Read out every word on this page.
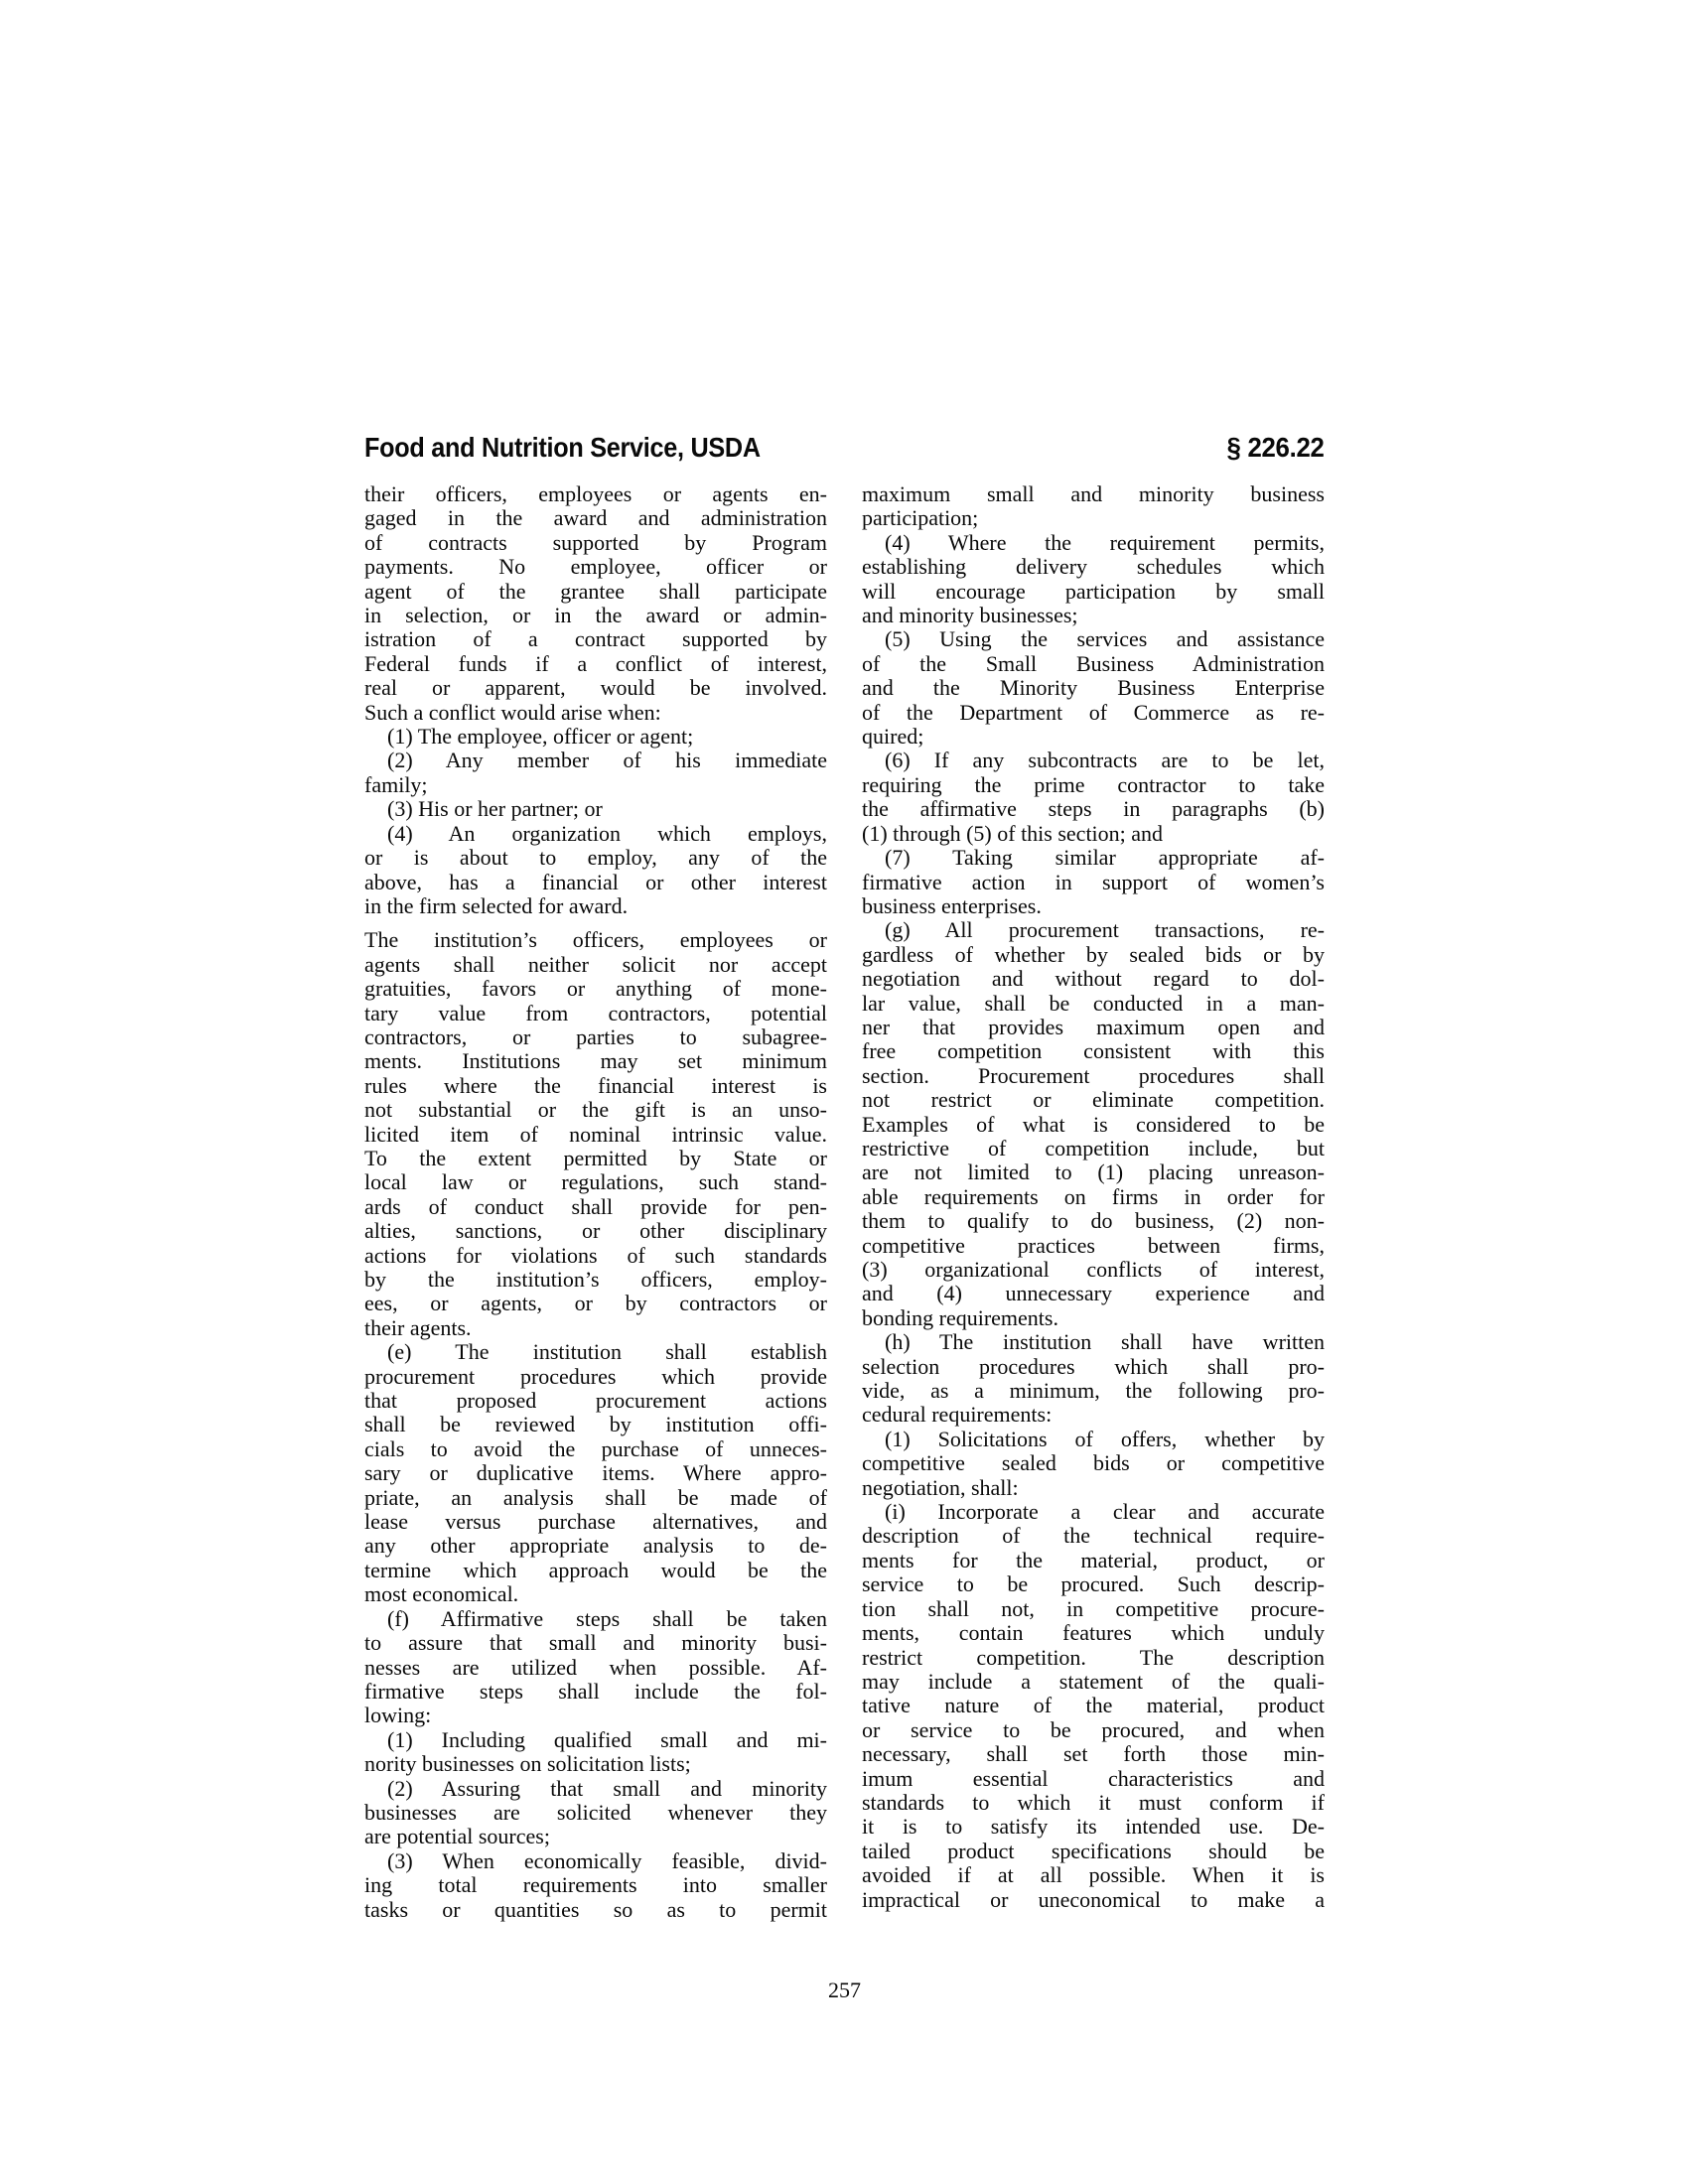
Food and Nutrition Service, USDA	§ 226.22
their officers, employees or agents en-
gaged in the award and administration
of contracts supported by Program
payments. No employee, officer or
agent of the grantee shall participate
in selection, or in the award or admin-
istration of a contract supported by
Federal funds if a conflict of interest,
real or apparent, would be involved.
Such a conflict would arise when:
(1) The employee, officer or agent;
(2) Any member of his immediate
family;
(3) His or her partner; or
(4) An organization which employs,
or is about to employ, any of the
above, has a financial or other interest
in the firm selected for award.
The institution’s officers, employees or
agents shall neither solicit nor accept
gratuities, favors or anything of mone-
tary value from contractors, potential
contractors, or parties to subagree-
ments. Institutions may set minimum
rules where the financial interest is
not substantial or the gift is an unso-
licited item of nominal intrinsic value.
To the extent permitted by State or
local law or regulations, such stand-
ards of conduct shall provide for pen-
alties, sanctions, or other disciplinary
actions for violations of such standards
by the institution’s officers, employ-
ees, or agents, or by contractors or
their agents.
(e) The institution shall establish
procurement procedures which provide
that proposed procurement actions
shall be reviewed by institution offi-
cials to avoid the purchase of unneces-
sary or duplicative items. Where appro-
priate, an analysis shall be made of
lease versus purchase alternatives, and
any other appropriate analysis to de-
termine which approach would be the
most economical.
(f) Affirmative steps shall be taken
to assure that small and minority busi-
nesses are utilized when possible. Af-
firmative steps shall include the fol-
lowing:
(1) Including qualified small and mi-
nority businesses on solicitation lists;
(2) Assuring that small and minority
businesses are solicited whenever they
are potential sources;
(3) When economically feasible, divid-
ing total requirements into smaller
tasks or quantities so as to permit
maximum small and minority business
participation;
(4) Where the requirement permits,
establishing delivery schedules which
will encourage participation by small
and minority businesses;
(5) Using the services and assistance
of the Small Business Administration
and the Minority Business Enterprise
of the Department of Commerce as re-
quired;
(6) If any subcontracts are to be let,
requiring the prime contractor to take
the affirmative steps in paragraphs (b)
(1) through (5) of this section; and
(7) Taking similar appropriate af-
firmative action in support of women’s
business enterprises.
(g) All procurement transactions, re-
gardless of whether by sealed bids or by
negotiation and without regard to dol-
lar value, shall be conducted in a man-
ner that provides maximum open and
free competition consistent with this
section. Procurement procedures shall
not restrict or eliminate competition.
Examples of what is considered to be
restrictive of competition include, but
are not limited to (1) placing unreason-
able requirements on firms in order for
them to qualify to do business, (2) non-
competitive practices between firms,
(3) organizational conflicts of interest,
and (4) unnecessary experience and
bonding requirements.
(h) The institution shall have written
selection procedures which shall pro-
vide, as a minimum, the following pro-
cedural requirements:
(1) Solicitations of offers, whether by
competitive sealed bids or competitive
negotiation, shall:
(i) Incorporate a clear and accurate
description of the technical require-
ments for the material, product, or
service to be procured. Such descrip-
tion shall not, in competitive procure-
ments, contain features which unduly
restrict competition. The description
may include a statement of the quali-
tative nature of the material, product
or service to be procured, and when
necessary, shall set forth those min-
imum essential characteristics and
standards to which it must conform if
it is to satisfy its intended use. De-
tailed product specifications should be
avoided if at all possible. When it is
impractical or uneconomical to make a
257
